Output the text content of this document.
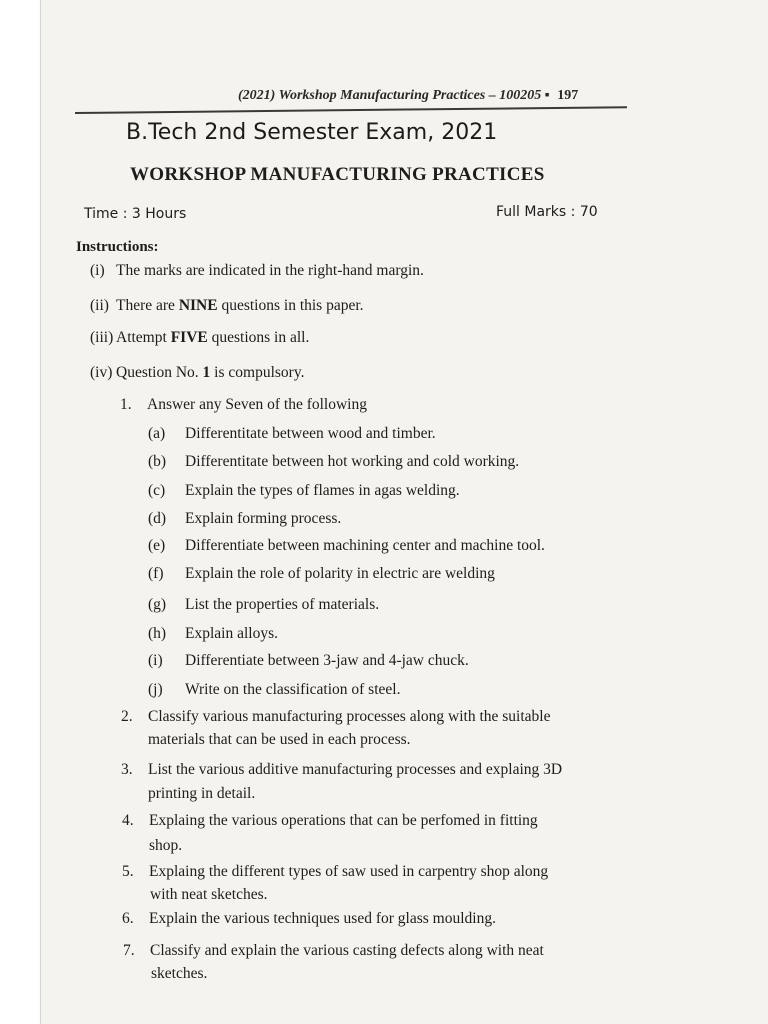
(2021) Workshop Manufacturing Practices – 100205 ▪ 197
B.Tech 2nd Semester Exam, 2021
WORKSHOP MANUFACTURING PRACTICES
Time : 3 Hours	Full Marks : 70
Instructions:
(i) The marks are indicated in the right-hand margin.
(ii) There are NINE questions in this paper.
(iii) Attempt FIVE questions in all.
(iv) Question No. 1 is compulsory.
1. Answer any Seven of the following
(a) Differentitate between wood and timber.
(b) Differentitate between hot working and cold working.
(c) Explain the types of flames in agas welding.
(d) Explain forming process.
(e) Differentiate between machining center and machine tool.
(f) Explain the role of polarity in electric are welding
(g) List the properties of materials.
(h) Explain alloys.
(i) Differentiate between 3-jaw and 4-jaw chuck.
(j) Write on the classification of steel.
2. Classify various manufacturing processes along with the suitable
materials that can be used in each process.
3. List the various additive manufacturing processes and explaing 3D
printing in detail.
4. Explaing the various operations that can be perfomed in fitting
shop.
5. Explaing the different types of saw used in carpentry shop along
with neat sketches.
6. Explain the various techniques used for glass moulding.
7. Classify and explain the various casting defects along with neat
sketches.
